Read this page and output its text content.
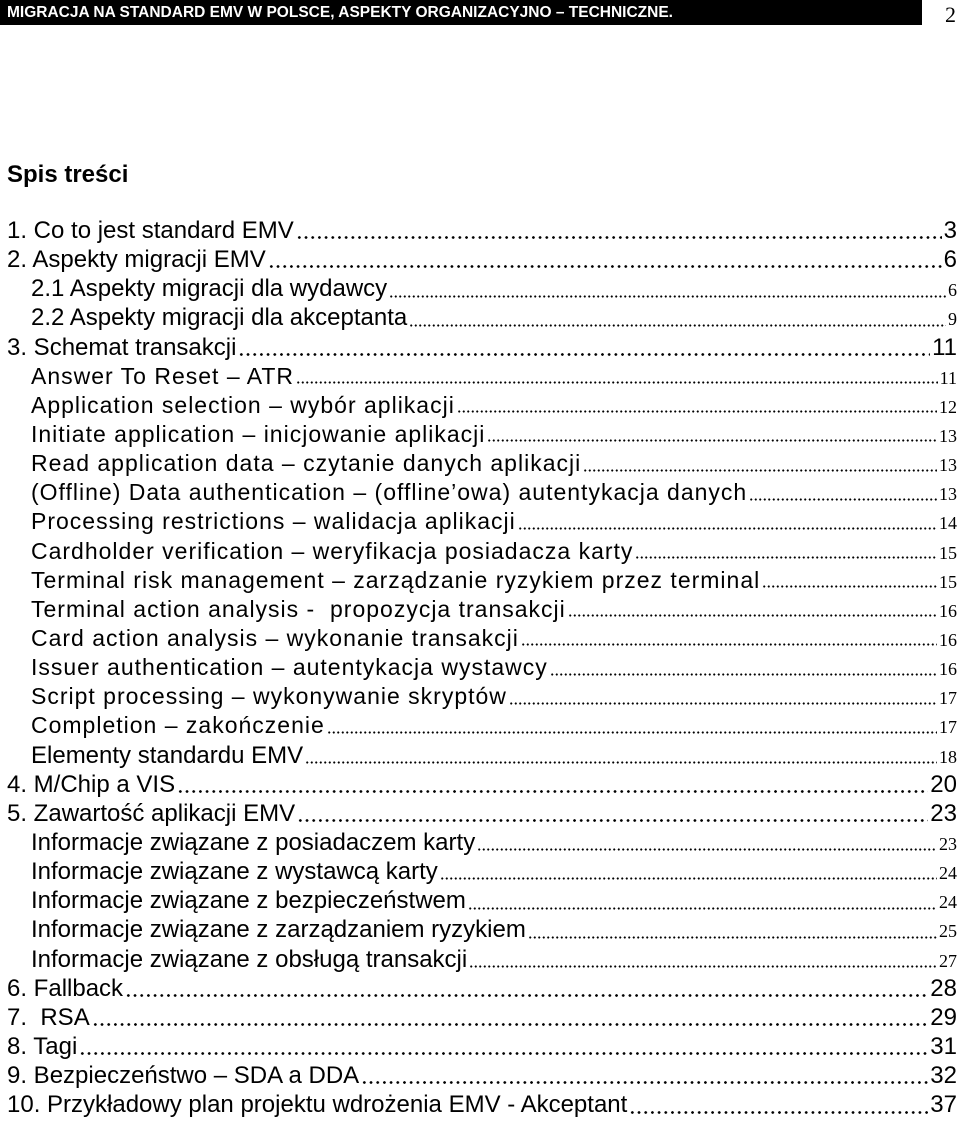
MIGRACJA NA STANDARD EMV W POLSCE, ASPEKTY ORGANIZACYJNO – TECHNICZNE.	2
Spis treści
1. Co to jest standard EMV	3
2. Aspekty migracji EMV	6
2.1 Aspekty migracji dla wydawcy	6
2.2 Aspekty migracji dla akceptanta	9
3. Schemat transakcji	11
Answer To Reset – ATR	11
Application selection – wybór aplikacji	12
Initiate application – inicjowanie aplikacji	13
Read application data – czytanie danych aplikacji	13
(Offline) Data authentication – (offline’owa) autentykacja danych	13
Processing restrictions – walidacja aplikacji	14
Cardholder verification – weryfikacja posiadacza karty	15
Terminal risk management – zarządzanie ryzykiem przez terminal	15
Terminal action analysis -  propozycja transakcji	16
Card action analysis – wykonanie transakcji	16
Issuer authentication – autentykacja wystawcy	16
Script processing – wykonywanie skryptów	17
Completion – zakończenie	17
Elementy standardu EMV	18
4. M/Chip a VIS	20
5. Zawartość aplikacji EMV	23
Informacje związane z posiadaczem karty	23
Informacje związane z wystawcą karty	24
Informacje związane z bezpieczeństwem	24
Informacje związane z zarządzaniem ryzykiem	25
Informacje związane z obsługą transakcji	27
6. Fallback	28
7.  RSA	29
8. Tagi	31
9. Bezpieczeństwo – SDA a DDA	32
10. Przykładowy plan projektu wdrożenia EMV - Akceptant	37
